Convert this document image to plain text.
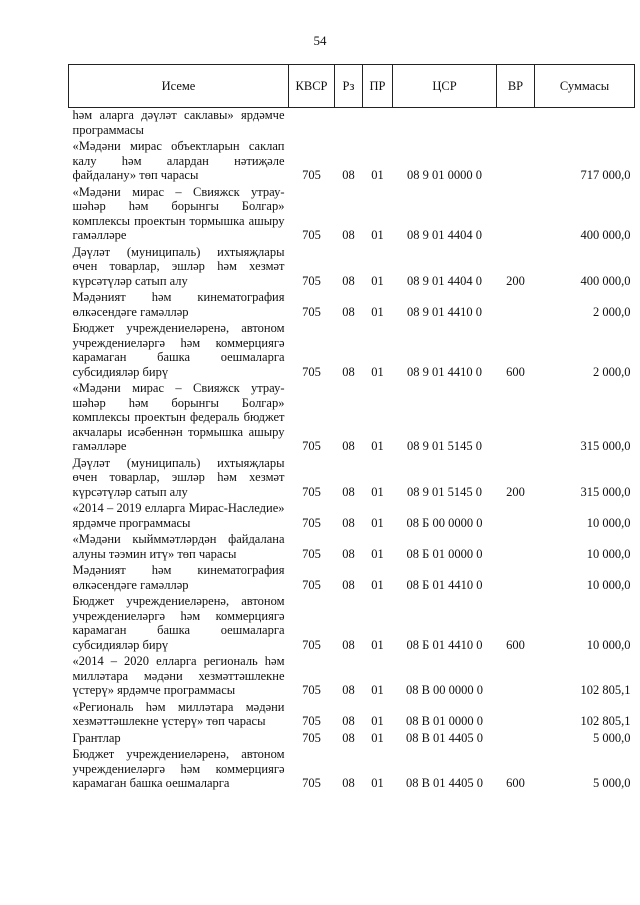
54
Исеме	КВСР	Рз	ПР	ЦСР	ВР	Суммасы
һәм аларга дәүләт саклавы» ярдәмче программасы						
«Мәдәни мирас объектларын саклап калу һәм алардан нәтиҗәле файдалану» төп чарасы	705	08	01	08 9 01 0000 0		717 000,0
«Мәдәни мирас – Свияжск утрау-шәһәр һәм борынгы Болгар» комплексы проектын тормышка ашыру гамәлләре	705	08	01	08 9 01 4404 0		400 000,0
Дәүләт (муниципаль) ихтыяҗлары өчен товарлар, эшләр һәм хезмәт күрсәтүләр сатып алу	705	08	01	08 9 01 4404 0	200	400 000,0
Мәдәният һәм кинематография өлкәсендәге гамәлләр	705	08	01	08 9 01 4410 0		2 000,0
Бюджет учреждениеләренә, автоном учреждениеләргә һәм коммерциягә карамаган башка оешмаларга субсидияләр бирү	705	08	01	08 9 01 4410 0	600	2 000,0
«Мәдәни мирас – Свияжск утрау-шәһәр һәм борынгы Болгар» комплексы проектын федераль бюджет акчалары исәбеннән тормышка ашыру гамәлләре	705	08	01	08 9 01 5145 0		315 000,0
Дәүләт (муниципаль) ихтыяҗлары өчен товарлар, эшләр һәм хезмәт күрсәтүләр сатып алу	705	08	01	08 9 01 5145 0	200	315 000,0
«2014 – 2019 елларга Мирас-Наследие» ярдәмче программасы	705	08	01	08 Б 00 0000 0		10 000,0
«Мәдәни кыйммәтләрдән файдалана алуны тәэмин итү» төп чарасы	705	08	01	08 Б 01 0000 0		10 000,0
Мәдәният һәм кинематография өлкәсендәге гамәлләр	705	08	01	08 Б 01 4410 0		10 000,0
Бюджет учреждениеләренә, автоном учреждениеләргә һәм коммерциягә карамаган башка оешмаларга субсидияләр бирү	705	08	01	08 Б 01 4410 0	600	10 000,0
«2014 – 2020 елларга региональ һәм милләтара мәдәни хезмәттәшлекне үстерү» ярдәмче программасы	705	08	01	08 В 00 0000 0		102 805,1
«Региональ һәм милләтара мәдәни хезмәттәшлекне үстерү» төп чарасы	705	08	01	08 В 01 0000 0		102 805,1
Грантлар	705	08	01	08 В 01 4405 0		5 000,0
Бюджет учреждениеләренә, автоном учреждениеләргә һәм коммерциягә карамаган башка оешмаларга	705	08	01	08 В 01 4405 0	600	5 000,0
